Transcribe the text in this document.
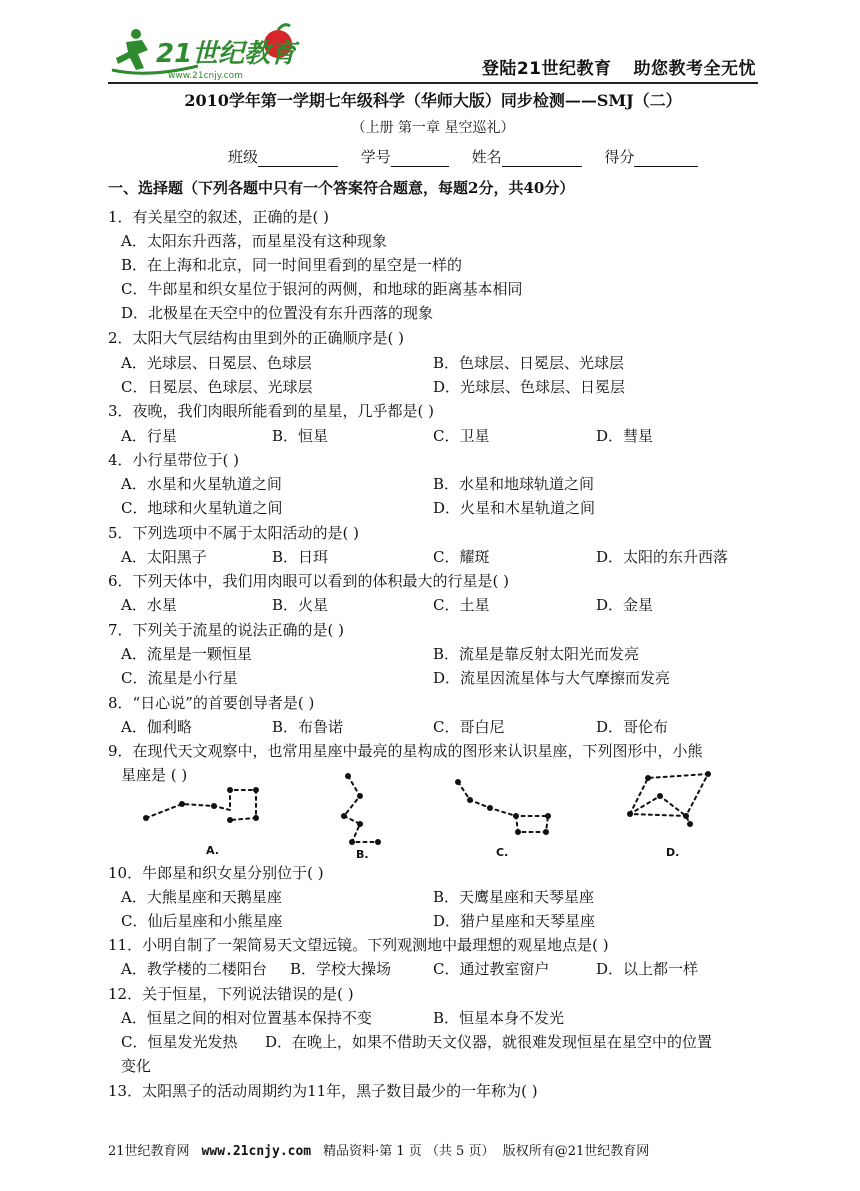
21世纪教育
www.21cnjy.com	登陆21世纪教育 助您教考全无忧
2010学年第一学期七年级科学（华师大版）同步检测——SMJ（二）
（上册 第一章 星空巡礼）
班级	学号	姓名	得分
一、选择题（下列各题中只有一个答案符合题意，每题2分，共40分）
1．有关星空的叙述，正确的是( )
A．太阳东升西落，而星星没有这种现象
B．在上海和北京，同一时间里看到的星空是一样的
C．牛郎星和织女星位于银河的两侧，和地球的距离基本相同
D．北极星在天空中的位置没有东升西落的现象
2．太阳大气层结构由里到外的正确顺序是( )
A．光球层、日冕层、色球层	B．色球层、日冕层、光球层
C．日冕层、色球层、光球层	D．光球层、色球层、日冕层
3．夜晚，我们肉眼所能看到的星星，几乎都是( )
A．行星	B．恒星	C．卫星	D．彗星
4．小行星带位于( )
A．水星和火星轨道之间	B．水星和地球轨道之间
C．地球和火星轨道之间	D．火星和木星轨道之间
5．下列选项中不属于太阳活动的是( )
A．太阳黑子	B．日珥	C．耀斑	D．太阳的东升西落
6．下列天体中，我们用肉眼可以看到的体积最大的行星是( )
A．水星	B．火星	C．土星	D．金星
7．下列关于流星的说法正确的是( )
A．流星是一颗恒星	B．流星是靠反射太阳光而发亮
C．流星是小行星	D．流星因流星体与大气摩擦而发亮
8．“日心说”的首要创导者是( )
A．伽利略	B．布鲁诺	C．哥白尼	D．哥伦布
9．在现代天文观察中，也常用星座中最亮的星构成的图形来认识星座，下列图形中，小熊
星座是 ( )
A.	B.	C.	D.
10．牛郎星和织女星分别位于( )
A．大熊星座和天鹅星座	B．天鹰星座和天琴星座
C．仙后星座和小熊星座	D．猎户星座和天琴星座
11．小明自制了一架简易天文望远镜。下列观测地中最理想的观星地点是( )
A．教学楼的二楼阳台 B．学校大操场	C．通过教室窗户	D．以上都一样
12．关于恒星，下列说法错误的是( )
A．恒星之间的相对位置基本保持不变	B．恒星本身不发光
C．恒星发光发热 D．在晚上，如果不借助天文仪器，就很难发现恒星在星空中的位置
变化
13．太阳黑子的活动周期约为11年，黑子数目最少的一年称为( )
21世纪教育网 www.21cnjy.com 精品资料·第 1 页 （共 5 页） 版权所有@21世纪教育网
